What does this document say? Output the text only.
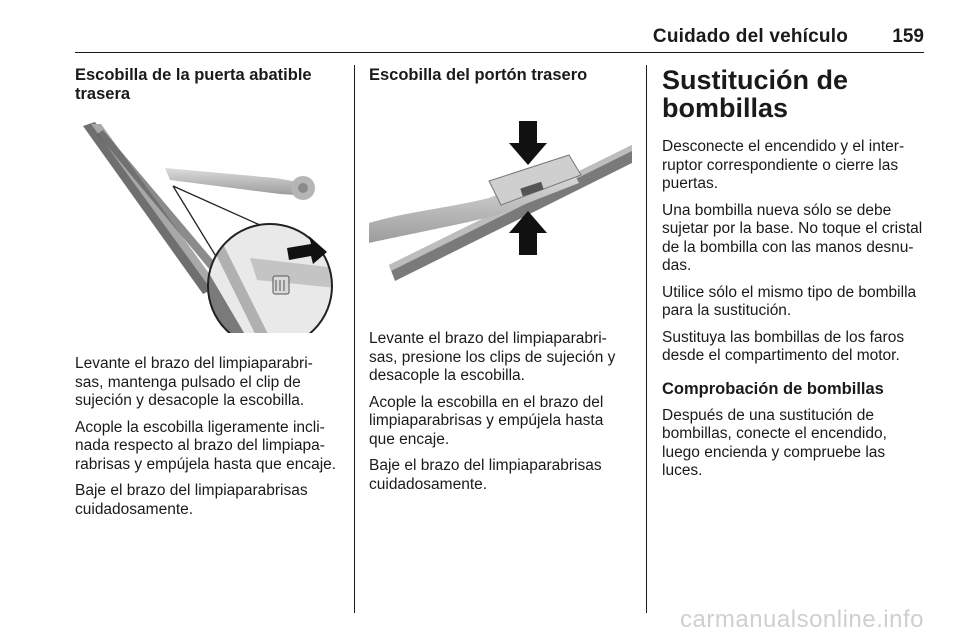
Cuidado del vehículo 159
Escobilla de la puerta abatible trasera

Levante el brazo del limpiaparabri-sas, mantenga pulsado el clip de sujeción y desacople la escobilla.

Acople la escobilla ligeramente incli-nada respecto al brazo del limpiapa-rabrisas y empújela hasta que encaje.

Baje el brazo del limpiaparabrisas cuidadosamente.

Escobilla del portón trasero

Levante el brazo del limpiaparabri-sas, presione los clips de sujeción y desacople la escobilla.

Acople la escobilla en el brazo del limpiaparabrisas y empújela hasta que encaje.

Baje el brazo del limpiaparabrisas cuidadosamente.

Sustitución de bombillas

Desconecte el encendido y el inter-ruptor correspondiente o cierre las puertas.

Una bombilla nueva sólo se debe sujetar por la base. No toque el cristal de la bombilla con las manos desnu-das.

Utilice sólo el mismo tipo de bombilla para la sustitución.

Sustituya las bombillas de los faros desde el compartimento del motor.

Comprobación de bombillas

Después de una sustitución de bombillas, conecte el encendido, luego encienda y compruebe las luces.

carmanualsonline.info
